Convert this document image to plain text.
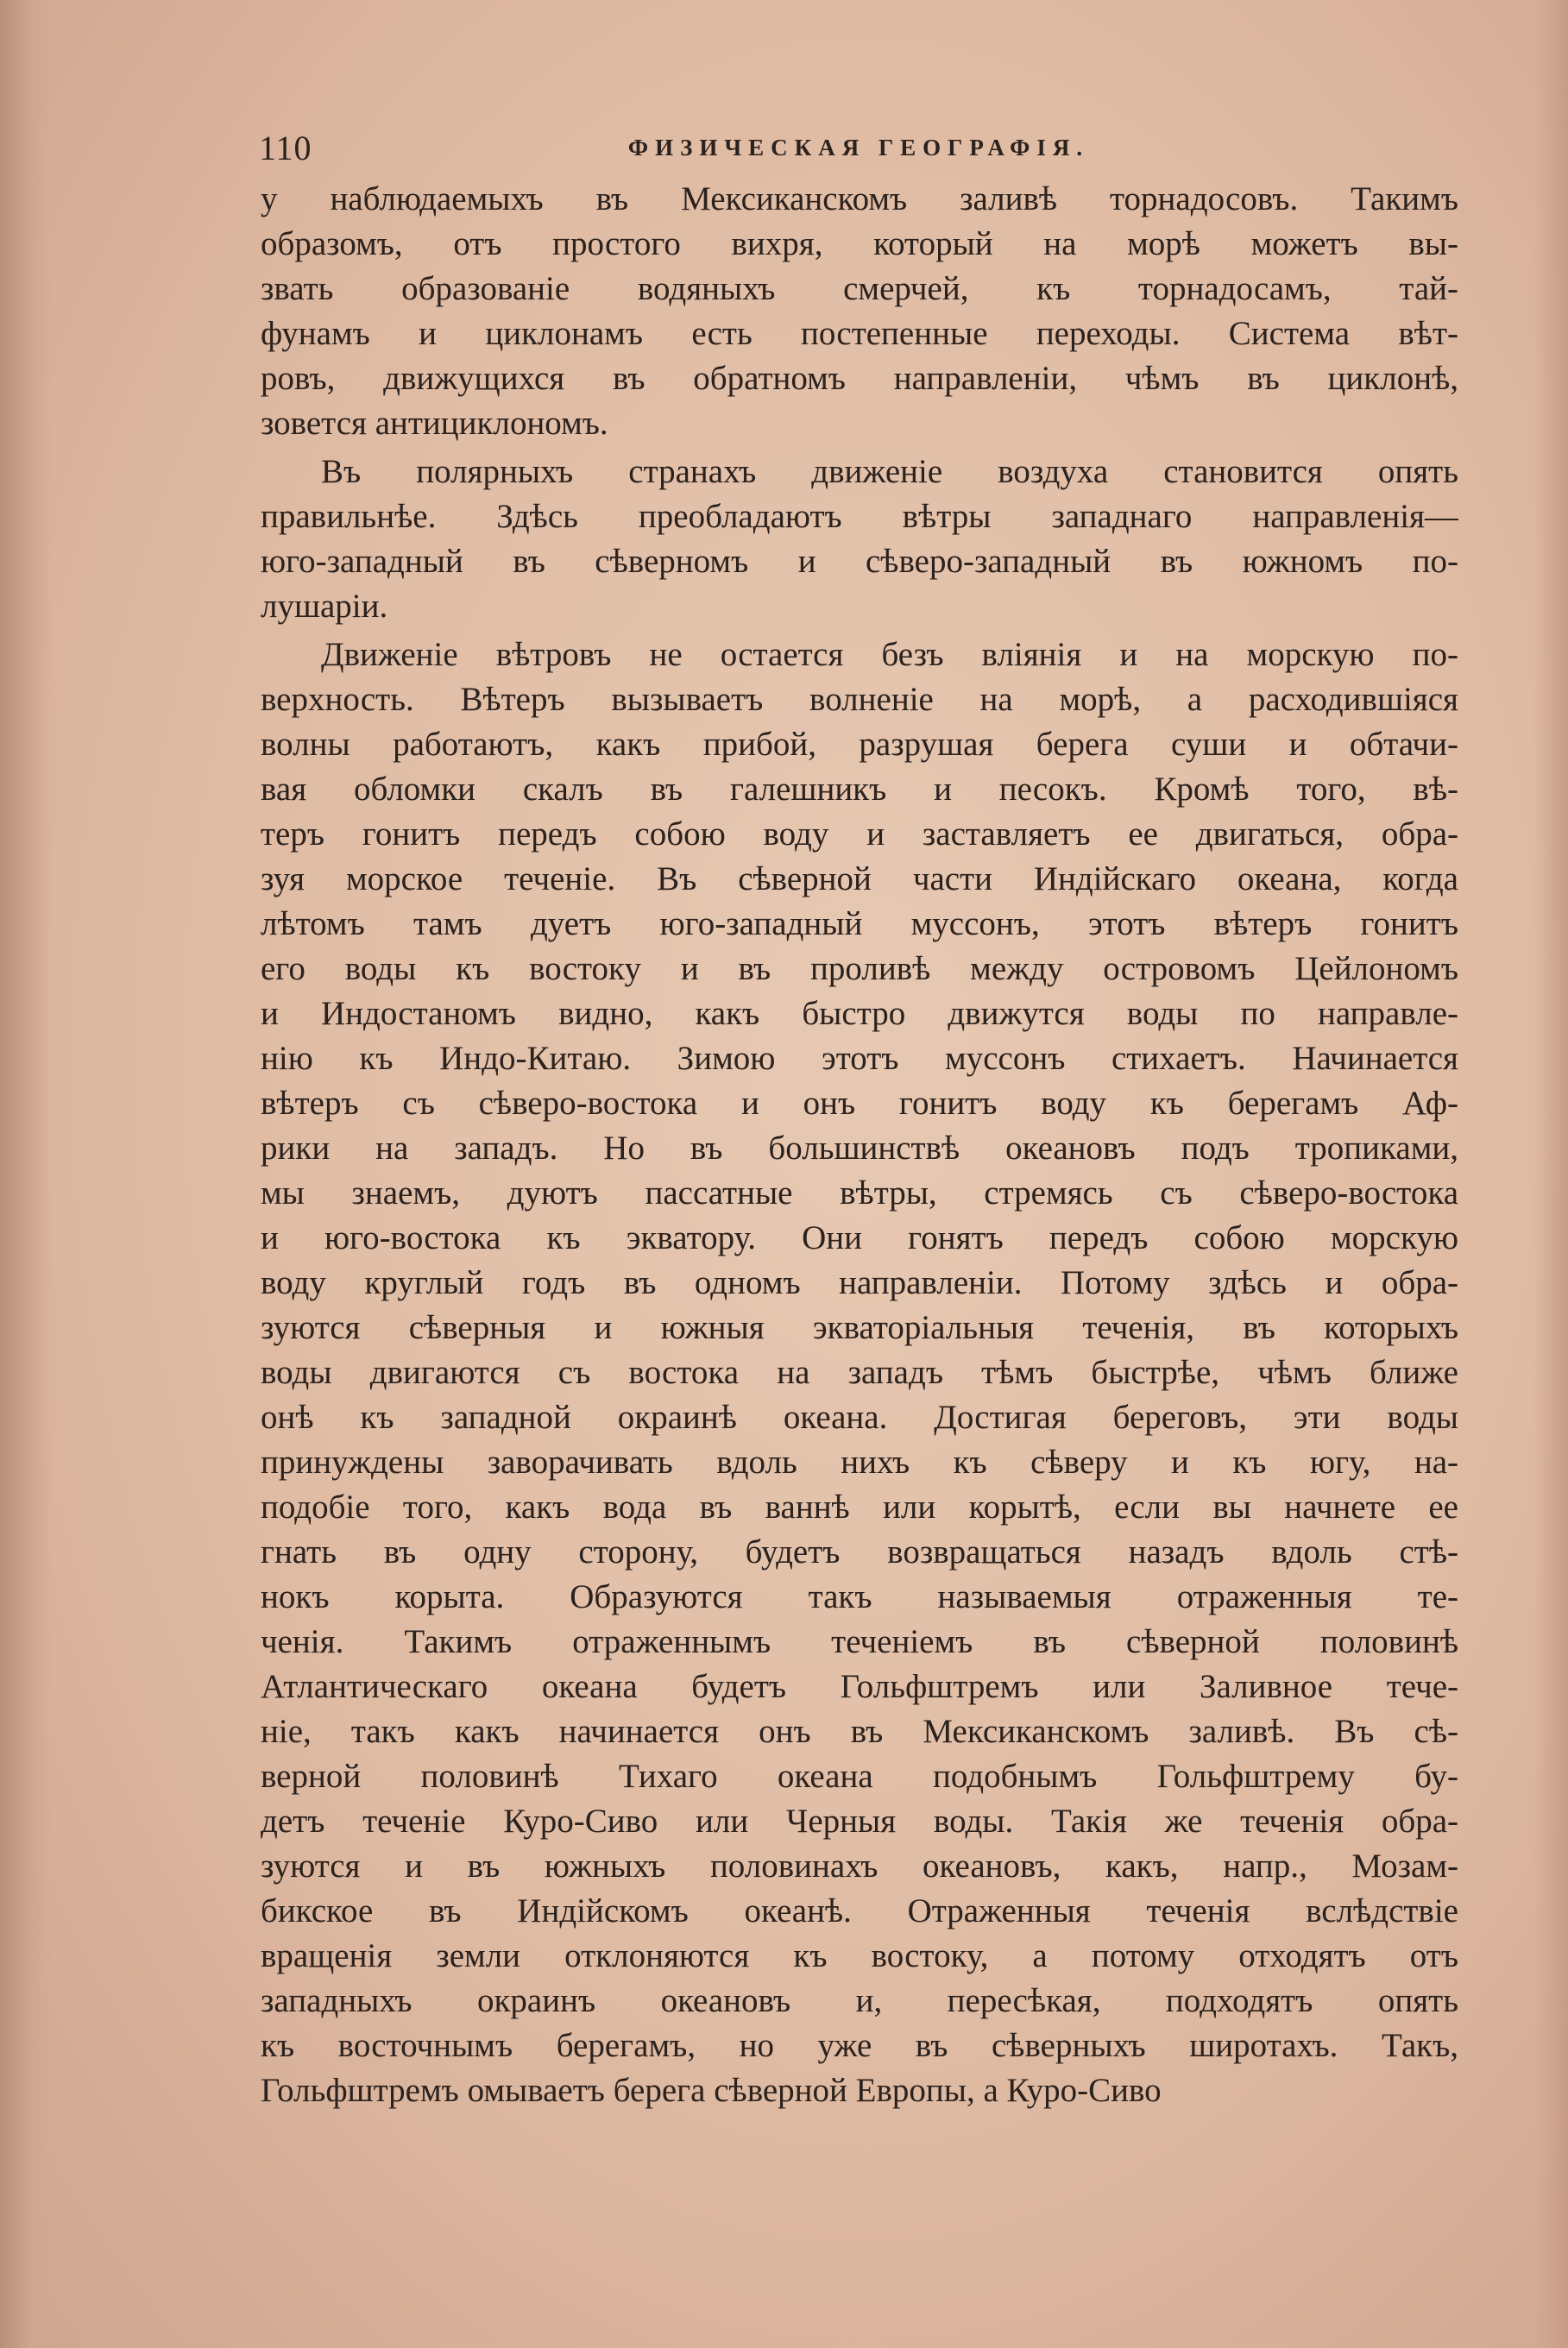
110	ФИЗИЧЕСКАЯ ГЕОГРАФІЯ.
у наблюдаемыхъ въ Мексиканскомъ заливѣ торнадосовъ. Такимъ
образомъ, отъ простого вихря, который на морѣ можетъ вы-
звать образованіе водяныхъ смерчей, къ торнадосамъ, тай-
фунамъ и циклонамъ есть постепенные переходы. Система вѣт-
ровъ, движущихся въ обратномъ направленіи, чѣмъ въ циклонѣ,
зовется антициклономъ.
Въ полярныхъ странахъ движеніе воздуха становится опять
правильнѣе. Здѣсь преобладаютъ вѣтры западнаго направленія—
юго-западный въ сѣверномъ и сѣверо-западный въ южномъ по-
лушаріи.
Движеніе вѣтровъ не остается безъ вліянія и на морскую по-
верхность. Вѣтеръ вызываетъ волненіе на морѣ, а расходившіяся
волны работаютъ, какъ прибой, разрушая берега суши и обтачи-
вая обломки скалъ въ галешникъ и песокъ. Кромѣ того, вѣ-
теръ гонитъ передъ собою воду и заставляетъ ее двигаться, обра-
зуя морское теченіе. Въ сѣверной части Индійскаго океана, когда
лѣтомъ тамъ дуетъ юго-западный муссонъ, этотъ вѣтеръ гонитъ
его воды къ востоку и въ проливѣ между островомъ Цейлономъ
и Индостаномъ видно, какъ быстро движутся воды по направле-
нію къ Индо-Китаю. Зимою этотъ муссонъ стихаетъ. Начинается
вѣтеръ съ сѣверо-востока и онъ гонитъ воду къ берегамъ Аф-
рики на западъ. Но въ большинствѣ океановъ подъ тропиками,
мы знаемъ, дуютъ пассатные вѣтры, стремясь съ сѣверо-востока
и юго-востока къ экватору. Они гонятъ передъ собою морскую
воду круглый годъ въ одномъ направленіи. Потому здѣсь и обра-
зуются сѣверныя и южныя экваторіальныя теченія, въ которыхъ
воды двигаются съ востока на западъ тѣмъ быстрѣе, чѣмъ ближе
онѣ къ западной окраинѣ океана. Достигая береговъ, эти воды
принуждены заворачивать вдоль нихъ къ сѣверу и къ югу, на-
подобіе того, какъ вода въ ваннѣ или корытѣ, если вы начнете ее
гнать въ одну сторону, будетъ возвращаться назадъ вдоль стѣ-
нокъ корыта. Образуются такъ называемыя отраженныя те-
ченія. Такимъ отраженнымъ теченіемъ въ сѣверной половинѣ
Атлантическаго океана будетъ Гольфштремъ или Заливное тече-
ніе, такъ какъ начинается онъ въ Мексиканскомъ заливѣ. Въ сѣ-
верной половинѣ Тихаго океана подобнымъ Гольфштрему бу-
детъ теченіе Куро-Сиво или Черныя воды. Такія же теченія обра-
зуются и въ южныхъ половинахъ океановъ, какъ, напр., Мозам-
бикское въ Индійскомъ океанѣ. Отраженныя теченія вслѣдствіе
вращенія земли отклоняются къ востоку, а потому отходятъ отъ
западныхъ окраинъ океановъ и, пересѣкая, подходятъ опять
къ восточнымъ берегамъ, но уже въ сѣверныхъ широтахъ. Такъ,
Гольфштремъ омываетъ берега сѣверной Европы, а Куро-Сиво
